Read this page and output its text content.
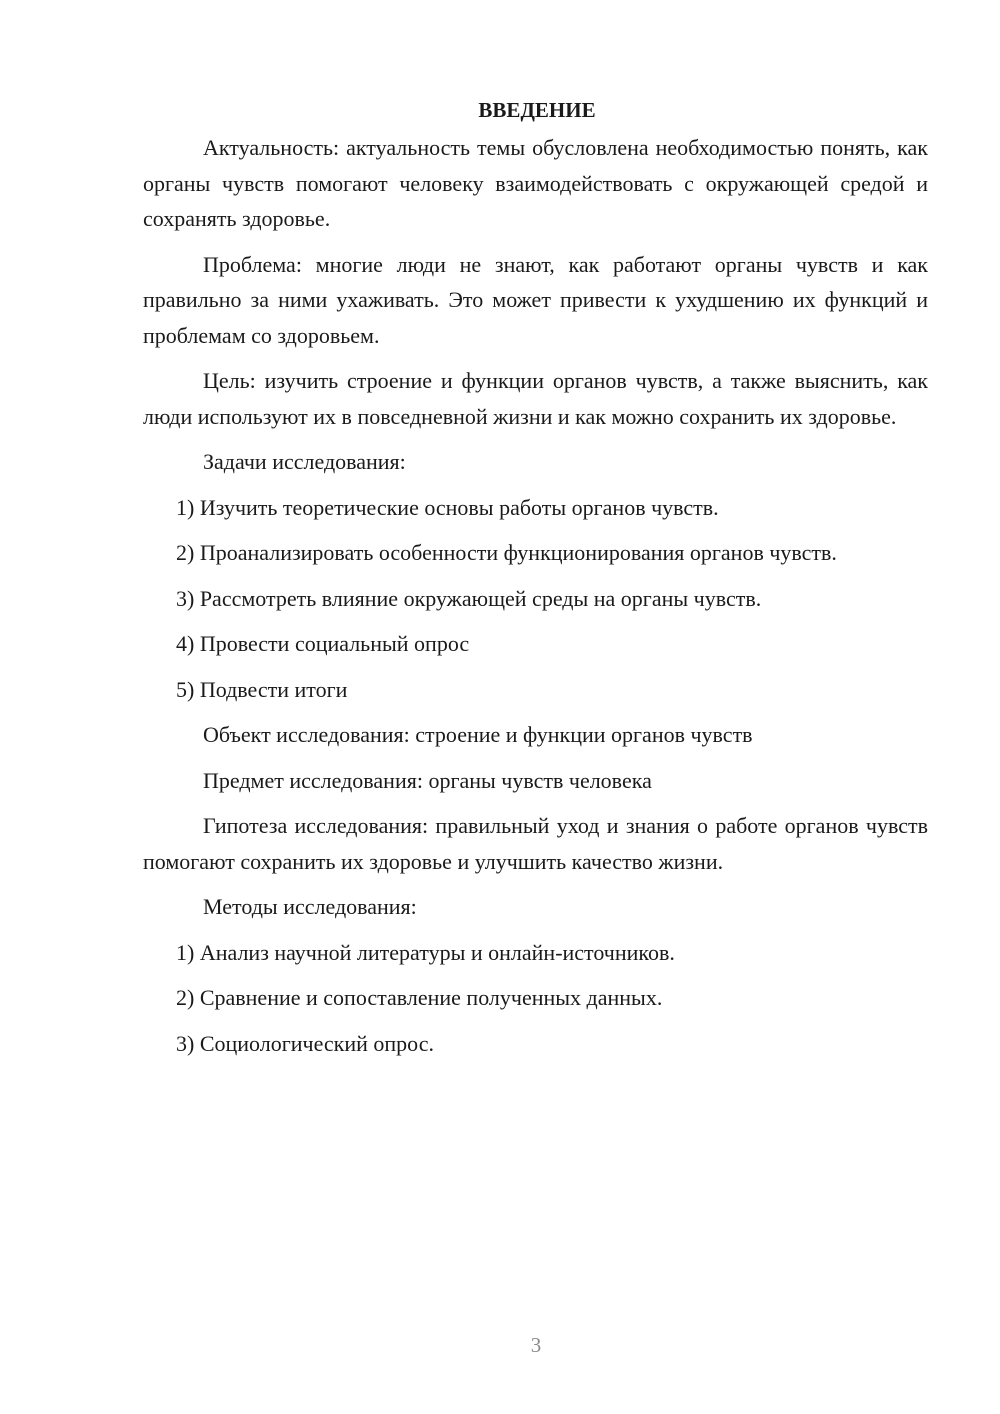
ВВЕДЕНИЕ

Актуальность: актуальность темы обусловлена необходимостью понять, как органы чувств помогают человеку взаимодействовать с окружающей средой и сохранять здоровье.

Проблема: многие люди не знают, как работают органы чувств и как правильно за ними ухаживать. Это может привести к ухудшению их функций и проблемам со здоровьем.

Цель: изучить строение и функции органов чувств, а также выяснить, как люди используют их в повседневной жизни и как можно сохранить их здоровье.

Задачи исследования:
1) Изучить теоретические основы работы органов чувств.
2) Проанализировать особенности функционирования органов чувств.
3) Рассмотреть влияние окружающей среды на органы чувств.
4) Провести социальный опрос
5) Подвести итоги
Объект исследования: строение и функции органов чувств
Предмет исследования: органы чувств человека

Гипотеза исследования: правильный уход и знания о работе органов чувств помогают сохранить их здоровье и улучшить качество жизни.

Методы исследования:
1) Анализ научной литературы и онлайн-источников.
2) Сравнение и сопоставление полученных данных.
3) Социологический опрос.
3
